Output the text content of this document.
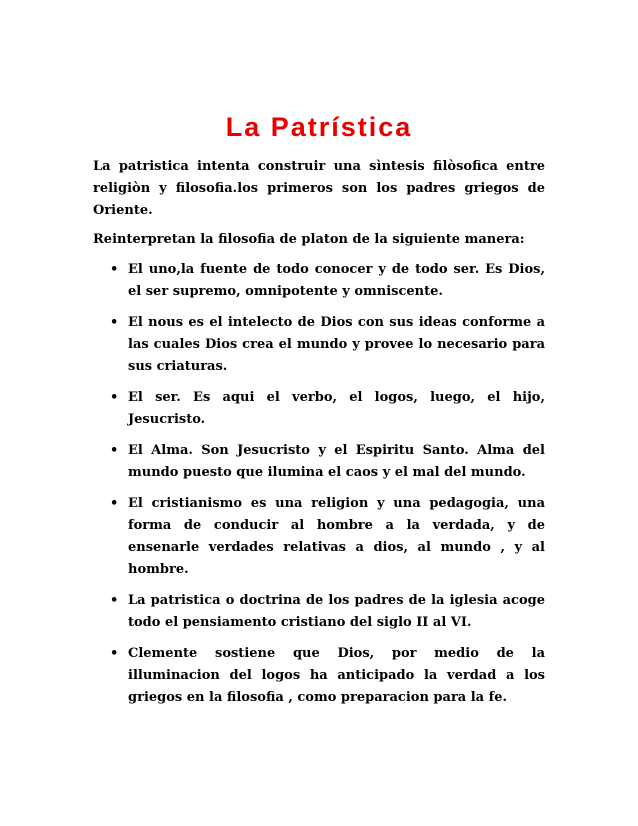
La Patrística

La patristica intenta construir una sìntesis filòsofica entre religiòn y filosofia.los primeros son los padres griegos de Oriente.

Reinterpretan la filosofia de platon de la siguiente manera:

• El uno,la fuente de todo conocer y de todo ser. Es Dios, el ser supremo, omnipotente y omniscente.
• El nous es el intelecto de Dios con sus ideas conforme a las cuales Dios crea el mundo y provee lo necesario para sus criaturas.
• El ser. Es aqui el verbo, el logos, luego, el hijo, Jesucristo.
• El Alma. Son Jesucristo y el Espiritu Santo. Alma del mundo puesto que ilumina el caos y el mal del mundo.
• El cristianismo es una religion y una pedagogia, una forma de conducir al hombre a la verdada, y de ensenarle verdades relativas a dios, al mundo , y al hombre.
• La patristica o doctrina de los padres de la iglesia acoge todo el pensiamento cristiano del siglo II al VI.
• Clemente sostiene que Dios, por medio de la illuminacion del logos ha anticipado la verdad a los griegos en la filosofia , como preparacion para la fe.
